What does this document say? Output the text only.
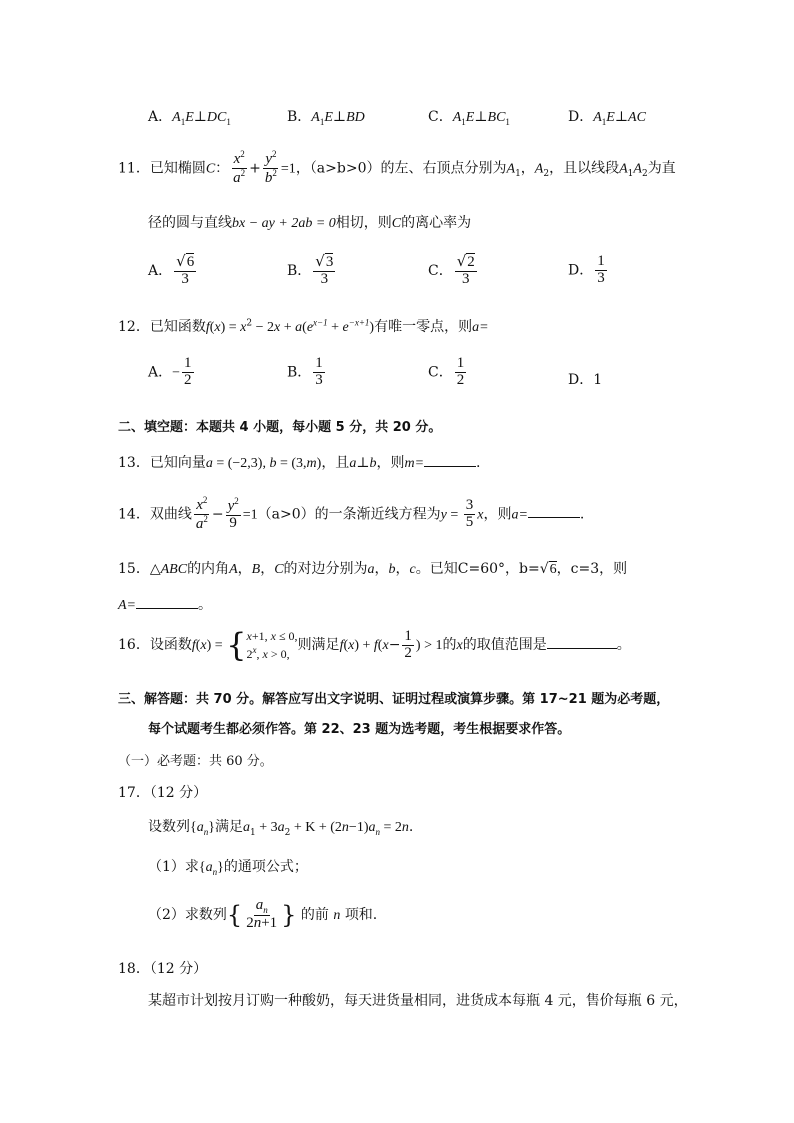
A．$A_1E\perp DC_1$	B．$A_1E\perp BD$	C．$A_1E\perp BC_1$	D．$A_1E\perp AC$
11．已知椭圆C： $\frac{x^2}{a^2} + \frac{y^2}{b^2} =1$，（a>b>0）的左、右顶点分别为$A_1$，$A_2$，且以线段$A_1A_2$为直
径的圆与直线bx − ay + 2ab = 0相切，则C的离心率为
A． $\frac{√6}{3}$	B． $\frac{√3}{3}$	C． $\frac{√2}{3}$	D． $\frac{1}{3}$
12．已知函数$f(x) = x^2 - 2x + a(e^{x-1} + e^{-x+1})$有唯一零点，则a=
A．− $\frac{1}{2}$	B． $\frac{1}{3}$	C． $\frac{1}{2}$	D．1
二、填空题：本题共 4 小题，每小题 5 分，共 20 分。
13．已知向量a = (−2,3), b = (3,m)，且a⊥b，则m=	.
14．双曲线 $\frac{x^2}{a^2} - \frac{y^2}{9} =1(a>0)$的一条渐近线方程为$y = \frac{3}{5}$ x，则a=	.
15．△ABC的内角A，B，C的对边分别为a，b，c。已知C=60°，b=√6，c=3，则
A=	。
16．设函数f(x) = { x+1, x ≤ 0,
2$^x$, x > 0,
则满足$f(x) + f(x- \frac{1}{2}$ ) > 1的x的取值范围是	。
三、解答题：共 70 分。解答应写出文字说明、证明过程或演算步骤。第 17~21 题为必考题，
每个试题考生都必须作答。第 22、23 题为选考题，考生根据要求作答。
（一）必考题：共 60 分。
17．（12 分）
设数列$\{a_n\}$满足$a_1 + 3a_2 + K + (2n-1)a_n = 2n$.
（1）求$\{a_n\}$的通项公式；
（2）求数列{ $\frac{a_n}{2n+1}$ } 的前 n 项和.
18．（12 分）
某超市计划按月订购一种酸奶，每天进货量相同，进货成本每瓶 4 元，售价每瓶 6 元，
